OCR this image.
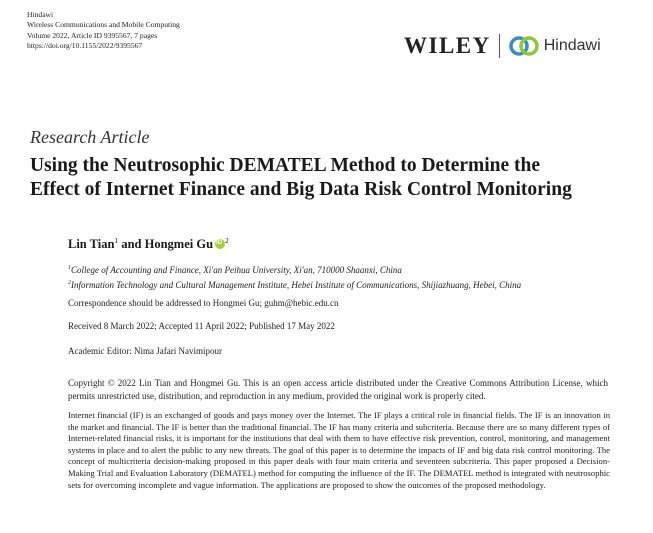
Hindawi
Wireless Communications and Mobile Computing
Volume 2022, Article ID 9395567, 7 pages
https://doi.org/10.1155/2022/9395567	WILEY	Hindawi
Research Article
Using the Neutrosophic DEMATEL Method to Determine the
Effect of Internet Finance and Big Data Risk Control Monitoring
Lin Tian$^1$ and Hongmei GuiD $^2$
$^1$College of Accounting and Finance, Xi'an Peihua University, Xi'an, 710000 Shaanxi, China
$^2$Information Technology and Cultural Management Institute, Hebei Institute of Communications, Shijiazhuang, Hebei, China
Correspondence should be addressed to Hongmei Gu; guhm@hebic.edu.cn
Received 8 March 2022; Accepted 11 April 2022; Published 17 May 2022
Academic Editor: Nima Jafari Navimipour
Copyright © 2022 Lin Tian and Hongmei Gu. This is an open access article distributed under the Creative Commons Attribution License, which permits unrestricted use, distribution, and reproduction in any medium, provided the original work is properly cited.
Internet financial (IF) is an exchanged of goods and pays money over the Internet. The IF plays a critical role in financial fields. The IF is an innovation in the market and financial. The IF is better than the traditional financial. The IF has many criteria and subcriteria. Because there are so many different types of Internet-related financial risks, it is important for the institutions that deal with them to have effective risk prevention, control, monitoring, and management systems in place and to alert the public to any new threats. The goal of this paper is to determine the impacts of IF and big data risk control monitoring. The concept of multicriteria decision-making proposed in this paper deals with four main criteria and seventeen subcriteria. This paper proposed a Decision-Making Trial and Evaluation Laboratory (DEMATEL) method for computing the influence of the IF. The DEMATEL method is integrated with neutrosophic sets for overcoming incomplete and vague information. The applications are proposed to show the outcomes of the proposed methodology.
